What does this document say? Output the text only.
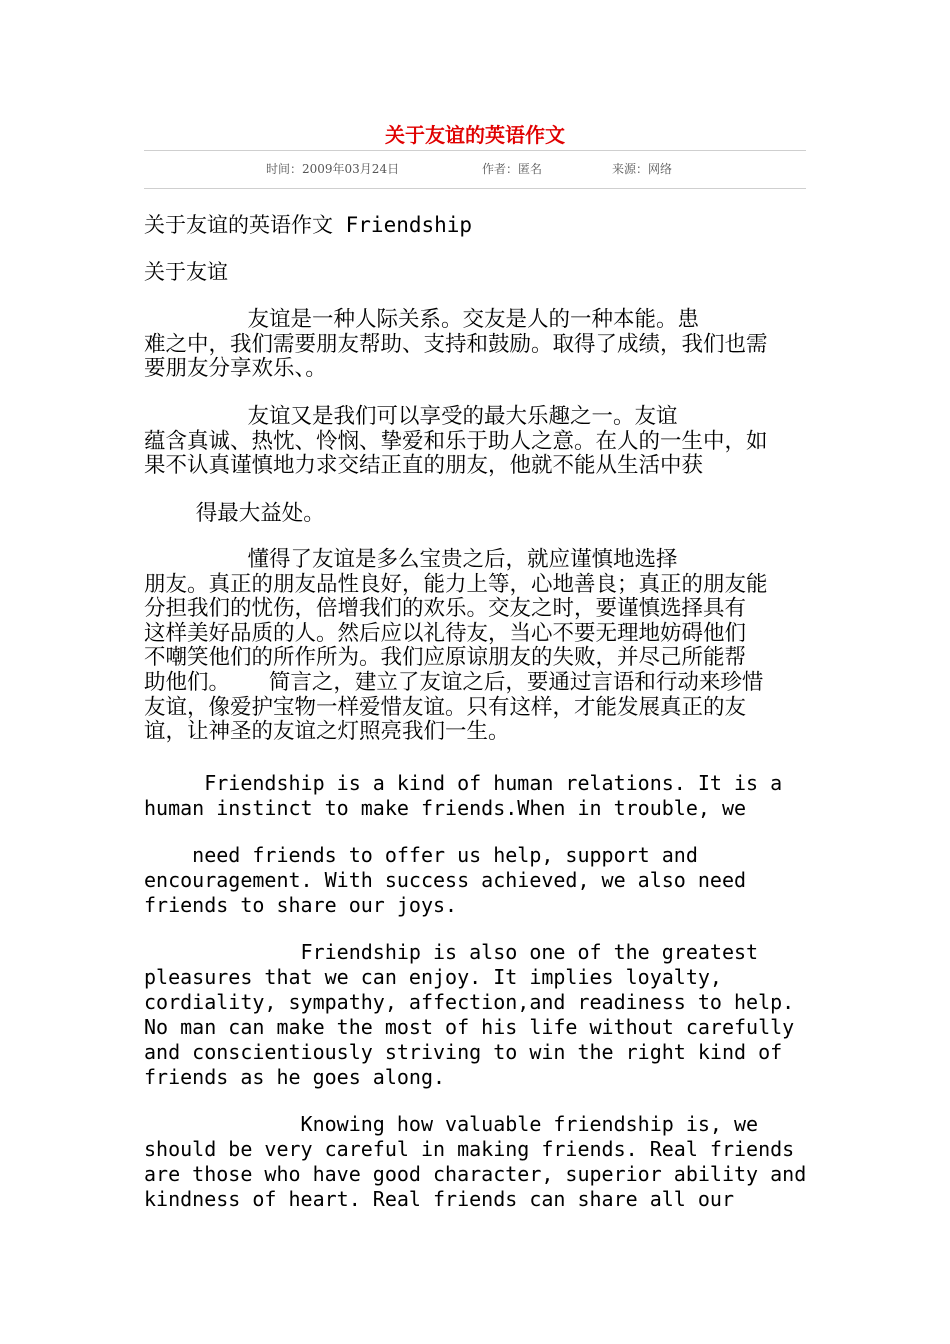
关于友谊的英语作文
时间：2009年03月24日	作者：匿名	来源：网络
关于友谊的英语作文 Friendship
关于友谊
友谊是一种人际关系。交友是人的一种本能。患
难之中，我们需要朋友帮助、支持和鼓励。取得了成绩，我们也需
要朋友分享欢乐、。
友谊又是我们可以享受的最大乐趣之一。友谊
蕴含真诚、热忱、怜悯、挚爱和乐于助人之意。在人的一生中，如
果不认真谨慎地力求交结正直的朋友，他就不能从生活中获
得最大益处。
懂得了友谊是多么宝贵之后，就应谨慎地选择
朋友。真正的朋友品性良好，能力上等，心地善良；真正的朋友能
分担我们的忧伤，倍增我们的欢乐。交友之时，要谨慎选择具有
这样美好品质的人。然后应以礼待友，当心不要无理地妨碍他们
不嘲笑他们的所作所为。我们应原谅朋友的失败，并尽己所能帮
助他们。   简言之，建立了友谊之后，要通过言语和行动来珍惜
友谊，像爱护宝物一样爱惜友谊。只有这样，才能发展真正的友
谊，让神圣的友谊之灯照亮我们一生。
Friendship is a kind of human relations. It is a
human instinct to make friends.When in trouble, we
need friends to offer us help, support and
encouragement. With success achieved, we also need
friends to share our joys.
Friendship is also one of the greatest
pleasures that we can enjoy. It implies loyalty,
cordiality, sympathy, affection,and readiness to help.
No man can make the most of his life without carefully
and conscientiously striving to win the right kind of
friends as he goes along.
Knowing how valuable friendship is, we
should be very careful in making friends. Real friends
are those who have good character, superior ability and
kindness of heart. Real friends can share all our
